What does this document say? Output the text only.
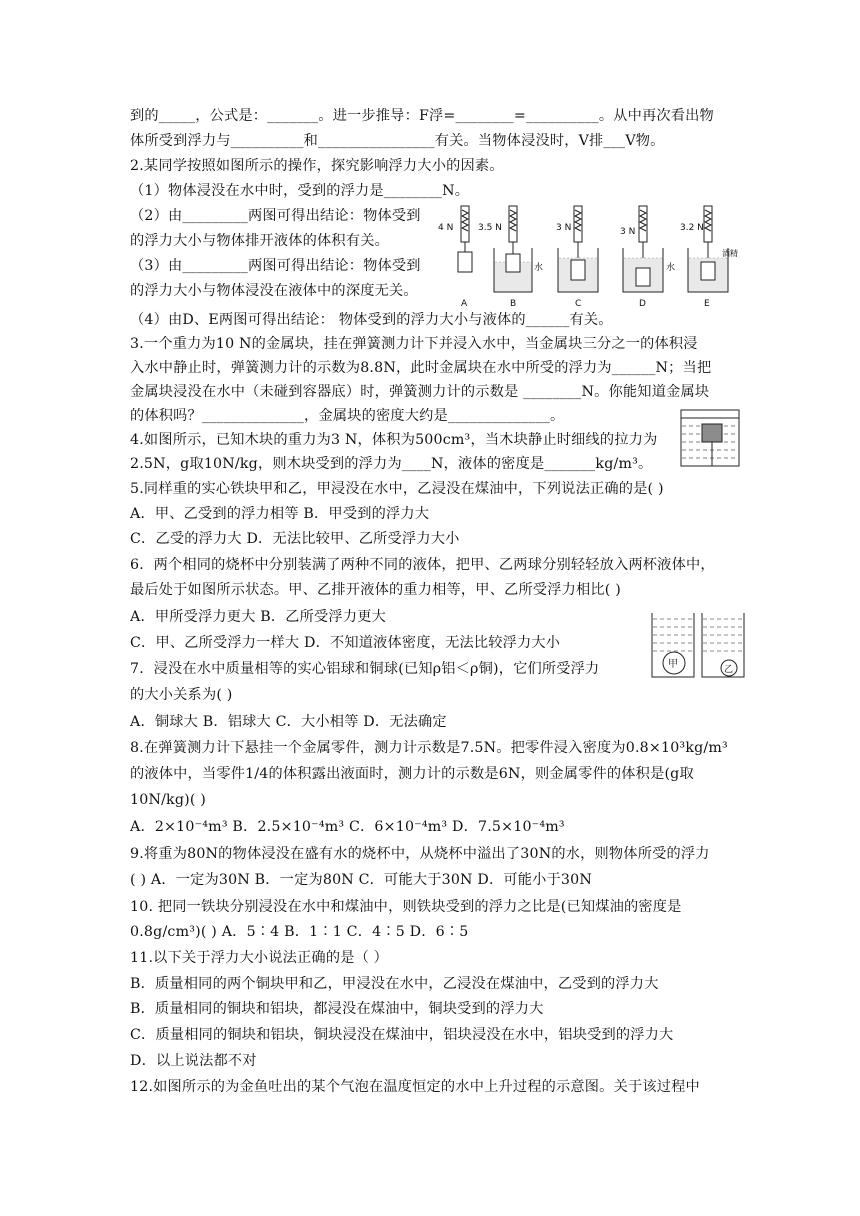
到的_____，公式是：_______。进一步推导：F浮=________=__________。从中再次看出物
体所受到浮力与__________和________________有关。当物体浸没时，V排___V物。
2.某同学按照如图所示的操作，探究影响浮力大小的因素。
（1）物体浸没在水中时，受到的浮力是________N。
（2）由_________两图可得出结论：物体受到
的浮力大小与物体排开液体的体积有关。
（3）由_________两图可得出结论：物体受到
的浮力大小与物体浸没在液体中的深度无关。
（4）由D、E两图可得出结论： 物体受到的浮力大小与液体的______有关。
3.一个重力为10 N的金属块，挂在弹簧测力计下并浸入水中，当金属块三分之一的体积浸
入水中静止时，弹簧测力计的示数为8.8N，此时金属块在水中所受的浮力为______N；当把
金属块浸没在水中（未碰到容器底）时，弹簧测力计的示数是 ________N。你能知道金属块
的体积吗？______________，金属块的密度大约是______________。
4.如图所示，已知木块的重力为3 N，体积为500cm³，当木块静止时细线的拉力为
2.5N，g取10N/kg，则木块受到的浮力为____N，液体的密度是_______kg/m³。
5.同样重的实心铁块甲和乙，甲浸没在水中，乙浸没在煤油中，下列说法正确的是( )
A．甲、乙受到的浮力相等 B．甲受到的浮力大
C．乙受的浮力大 D．无法比较甲、乙所受浮力大小
6．两个相同的烧杯中分别装满了两种不同的液体，把甲、乙两球分别轻轻放入两杯液体中，
最后处于如图所示状态。甲、乙排开液体的重力相等，甲、乙所受浮力相比( )
A．甲所受浮力更大 B．乙所受浮力更大
C．甲、乙所受浮力一样大 D．不知道液体密度，无法比较浮力大小
7．浸没在水中质量相等的实心铝球和铜球(已知ρ铝＜ρ铜)，它们所受浮力
的大小关系为( )
A．铜球大 B．铝球大 C．大小相等 D．无法确定
8.在弹簧测力计下悬挂一个金属零件，测力计示数是7.5N。把零件浸入密度为0.8×10³kg/m³
的液体中，当零件1/4的体积露出液面时，测力计的示数是6N，则金属零件的体积是(g取
10N/kg)( )
A．2×10⁻⁴m³ B．2.5×10⁻⁴m³ C．6×10⁻⁴m³ D．7.5×10⁻⁴m³
9.将重为80N的物体浸没在盛有水的烧杯中，从烧杯中溢出了30N的水，则物体所受的浮力
( ) A．一定为30N B．一定为80N C．可能大于30N D．可能小于30N
10. 把同一铁块分别浸没在水中和煤油中，则铁块受到的浮力之比是(已知煤油的密度是
0.8g/cm³)( ) A．5∶4 B．1∶1 C．4∶5 D．6∶5
11.以下关于浮力大小说法正确的是（ ）
B．质量相同的两个铜块甲和乙，甲浸没在水中，乙浸没在煤油中，乙受到的浮力大
B．质量相同的铜块和铝块，都浸没在煤油中，铜块受到的浮力大
C．质量相同的铜块和铝块，铜块浸没在煤油中，铝块浸没在水中，铝块受到的浮力大
D．以上说法都不对
12.如图所示的为金鱼吐出的某个气泡在温度恒定的水中上升过程的示意图。关于该过程中
4 N	3.5 N	3 N	3 N	3.2 N
水	水
酒精
A	B	C	D	E
甲	乙
